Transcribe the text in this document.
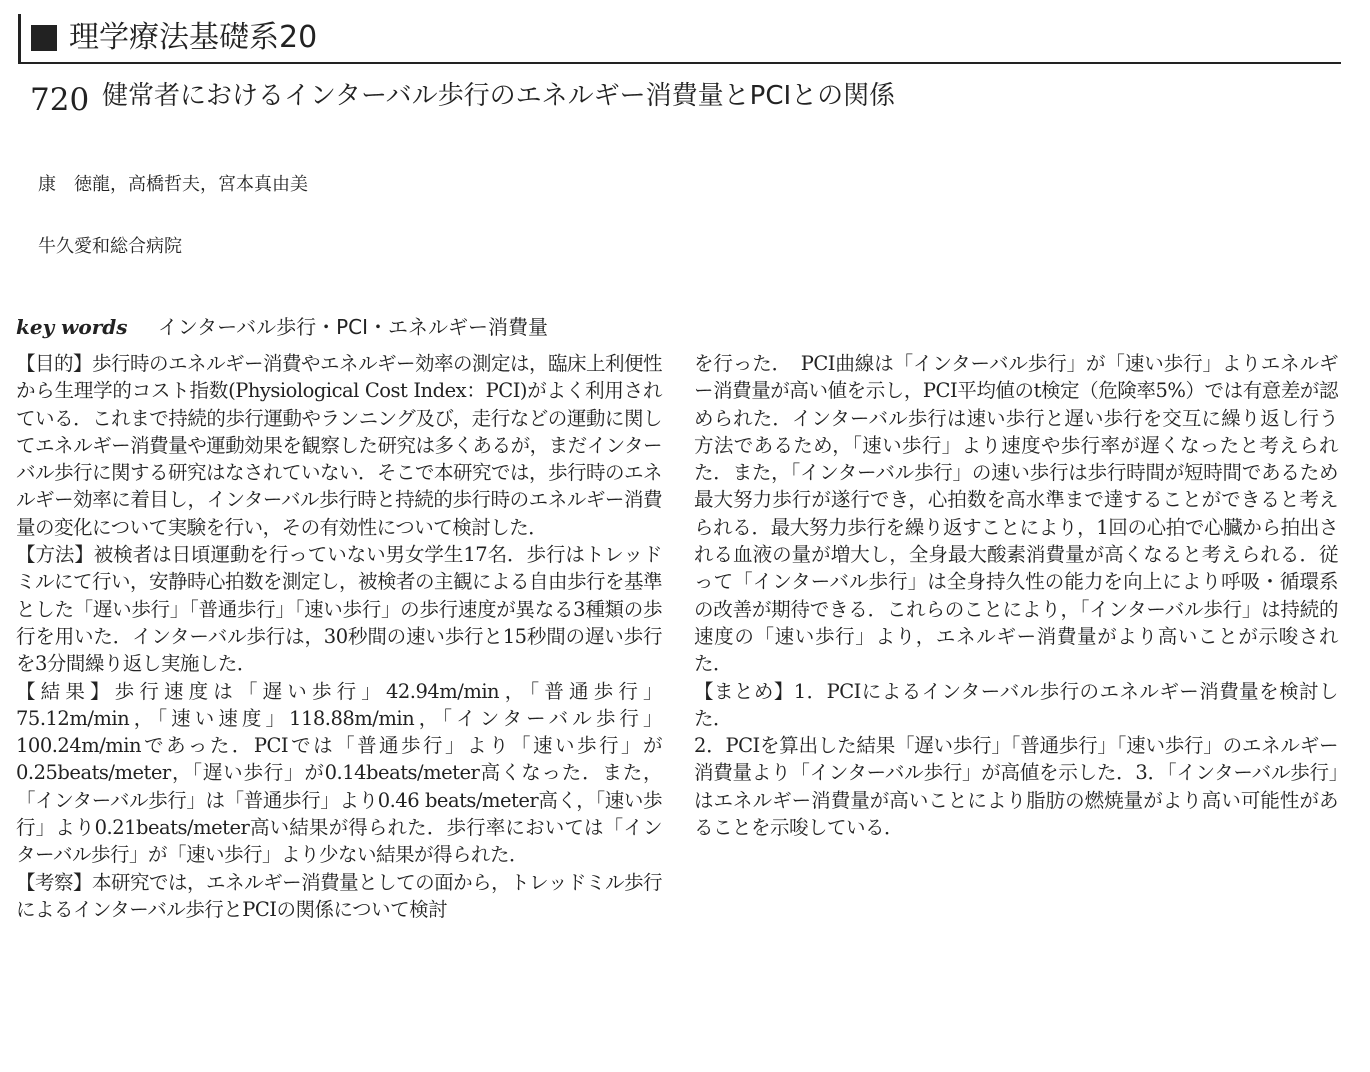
理学療法基礎系20
720 健常者におけるインターバル歩行のエネルギー消費量とPCIとの関係
康　徳龍，高橋哲夫，宮本真由美
牛久愛和総合病院
key words インターバル歩行・PCI・エネルギー消費量

【目的】歩行時のエネルギー消費やエネルギー効率の測定は，臨床上利便性から生理学的コスト指数(Physiological Cost Index：PCI)がよく利用されている．これまで持続的歩行運動やランニング及び，走行などの運動に関してエネルギー消費量や運動効果を観察した研究は多くあるが，まだインターバル歩行に関する研究はなされていない．そこで本研究では，歩行時のエネルギー効率に着目し，インターバル歩行時と持続的歩行時のエネルギー消費量の変化について実験を行い，その有効性について検討した．

【方法】被検者は日頃運動を行っていない男女学生17名．歩行はトレッドミルにて行い，安静時心拍数を測定し，被検者の主観による自由歩行を基準とした「遅い歩行」「普通歩行」「速い歩行」の歩行速度が異なる3種類の歩行を用いた．インターバル歩行は，30秒間の速い歩行と15秒間の遅い歩行を3分間繰り返し実施した．

【結果】歩行速度は「遅い歩行」42.94m/min，「普通歩行」75.12m/min，「速い速度」118.88m/min，「インターバル歩行」100.24m/minであった．PCIでは「普通歩行」より「速い歩行」が0.25beats/meter，「遅い歩行」が0.14beats/meter高くなった．また，「インターバル歩行」は「普通歩行」より0.46 beats/meter高く，「速い歩行」より0.21beats/meter高い結果が得られた．歩行率においては「インターバル歩行」が「速い歩行」より少ない結果が得られた．

【考察】本研究では，エネルギー消費量としての面から，トレッドミル歩行によるインターバル歩行とPCIの関係について検討

を行った．　PCI曲線は「インターバル歩行」が「速い歩行」よりエネルギー消費量が高い値を示し，PCI平均値のt検定（危険率5%）では有意差が認められた．インターバル歩行は速い歩行と遅い歩行を交互に繰り返し行う方法であるため，「速い歩行」より速度や歩行率が遅くなったと考えられた．また，「インターバル歩行」の速い歩行は歩行時間が短時間であるため最大努力歩行が遂行でき，心拍数を高水準まで達することができると考えられる．最大努力歩行を繰り返すことにより，1回の心拍で心臓から拍出される血液の量が増大し，全身最大酸素消費量が高くなると考えられる．従って「インターバル歩行」は全身持久性の能力を向上により呼吸・循環系の改善が期待できる．これらのことにより，「インターバル歩行」は持続的速度の「速い歩行」より，エネルギー消費量がより高いことが示唆された．

【まとめ】1．PCIによるインターバル歩行のエネルギー消費量を検討した．

2．PCIを算出した結果「遅い歩行」「普通歩行」「速い歩行」のエネルギー消費量より「インターバル歩行」が高値を示した．3．「インターバル歩行」はエネルギー消費量が高いことにより脂肪の燃焼量がより高い可能性があることを示唆している．
